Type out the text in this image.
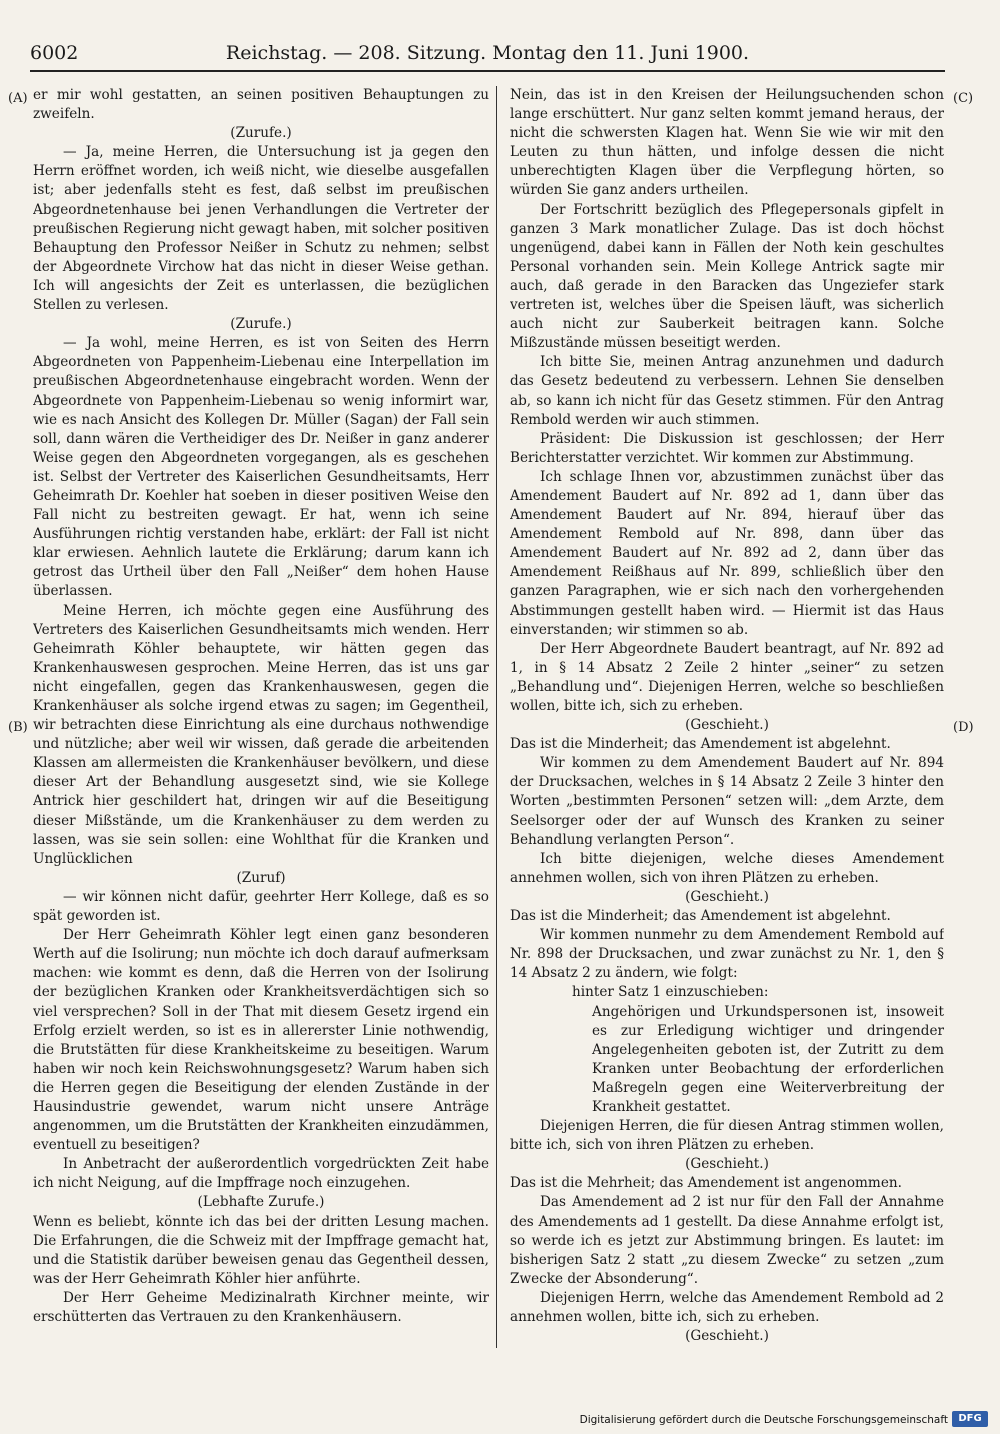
6002	Reichstag. — 208. Sitzung. Montag den 11. Juni 1900.
(A)
(B)
(C)
(D)

er mir wohl gestatten, an seinen positiven Behauptungen zu zweifeln.

(Zurufe.)

— Ja, meine Herren, die Untersuchung ist ja gegen den Herrn eröffnet worden, ich weiß nicht, wie dieselbe ausgefallen ist; aber jedenfalls steht es fest, daß selbst im preußischen Abgeordnetenhause bei jenen Verhandlungen die Vertreter der preußischen Regierung nicht gewagt haben, mit solcher positiven Behauptung den Professor Neißer in Schutz zu nehmen; selbst der Abgeordnete Virchow hat das nicht in dieser Weise gethan. Ich will angesichts der Zeit es unterlassen, die bezüglichen Stellen zu verlesen.

(Zurufe.)

— Ja wohl, meine Herren, es ist von Seiten des Herrn Abgeordneten von Pappenheim-Liebenau eine Interpellation im preußischen Abgeordnetenhause eingebracht worden. Wenn der Abgeordnete von Pappenheim-Liebenau so wenig informirt war, wie es nach Ansicht des Kollegen Dr. Müller (Sagan) der Fall sein soll, dann wären die Vertheidiger des Dr. Neißer in ganz anderer Weise gegen den Abgeordneten vorgegangen, als es geschehen ist. Selbst der Vertreter des Kaiserlichen Gesundheitsamts, Herr Geheimrath Dr. Koehler hat soeben in dieser positiven Weise den Fall nicht zu bestreiten gewagt. Er hat, wenn ich seine Ausführungen richtig verstanden habe, erklärt: der Fall ist nicht klar erwiesen. Aehnlich lautete die Erklärung; darum kann ich getrost das Urtheil über den Fall „Neißer“ dem hohen Hause überlassen.

Meine Herren, ich möchte gegen eine Ausführung des Vertreters des Kaiserlichen Gesundheitsamts mich wenden. Herr Geheimrath Köhler behauptete, wir hätten gegen das Krankenhauswesen gesprochen. Meine Herren, das ist uns gar nicht eingefallen, gegen das Krankenhauswesen, gegen die Krankenhäuser als solche irgend etwas zu sagen; im Gegentheil, wir betrachten diese Einrichtung als eine durchaus nothwendige und nützliche; aber weil wir wissen, daß gerade die arbeitenden Klassen am allermeisten die Krankenhäuser bevölkern, und diese dieser Art der Behandlung ausgesetzt sind, wie sie Kollege Antrick hier geschildert hat, dringen wir auf die Beseitigung dieser Mißstände, um die Krankenhäuser zu dem werden zu lassen, was sie sein sollen: eine Wohlthat für die Kranken und Unglücklichen

(Zuruf)

— wir können nicht dafür, geehrter Herr Kollege, daß es so spät geworden ist.

Der Herr Geheimrath Köhler legt einen ganz besonderen Werth auf die Isolirung; nun möchte ich doch darauf aufmerksam machen: wie kommt es denn, daß die Herren von der Isolirung der bezüglichen Kranken oder Krankheitsverdächtigen sich so viel versprechen? Soll in der That mit diesem Gesetz irgend ein Erfolg erzielt werden, so ist es in allererster Linie nothwendig, die Brutstätten für diese Krankheitskeime zu beseitigen. Warum haben wir noch kein Reichswohnungsgesetz? Warum haben sich die Herren gegen die Beseitigung der elenden Zustände in der Hausindustrie gewendet, warum nicht unsere Anträge angenommen, um die Brutstätten der Krankheiten einzudämmen, eventuell zu beseitigen?

In Anbetracht der außerordentlich vorgedrückten Zeit habe ich nicht Neigung, auf die Impffrage noch einzugehen.

(Lebhafte Zurufe.)

Wenn es beliebt, könnte ich das bei der dritten Lesung machen. Die Erfahrungen, die die Schweiz mit der Impffrage gemacht hat, und die Statistik darüber beweisen genau das Gegentheil dessen, was der Herr Geheimrath Köhler hier anführte.

Der Herr Geheime Medizinalrath Kirchner meinte, wir erschütterten das Vertrauen zu den Krankenhäusern.

Nein, das ist in den Kreisen der Heilungsuchenden schon lange erschüttert. Nur ganz selten kommt jemand heraus, der nicht die schwersten Klagen hat. Wenn Sie wie wir mit den Leuten zu thun hätten, und infolge dessen die nicht unberechtigten Klagen über die Verpflegung hörten, so würden Sie ganz anders urtheilen.

Der Fortschritt bezüglich des Pflegepersonals gipfelt in ganzen 3 Mark monatlicher Zulage. Das ist doch höchst ungenügend, dabei kann in Fällen der Noth kein geschultes Personal vorhanden sein. Mein Kollege Antrick sagte mir auch, daß gerade in den Baracken das Ungeziefer stark vertreten ist, welches über die Speisen läuft, was sicherlich auch nicht zur Sauberkeit beitragen kann. Solche Mißzustände müssen beseitigt werden.

Ich bitte Sie, meinen Antrag anzunehmen und dadurch das Gesetz bedeutend zu verbessern. Lehnen Sie denselben ab, so kann ich nicht für das Gesetz stimmen. Für den Antrag Rembold werden wir auch stimmen.

Präsident: Die Diskussion ist geschlossen; der Herr Berichterstatter verzichtet. Wir kommen zur Abstimmung.

Ich schlage Ihnen vor, abzustimmen zunächst über das Amendement Baudert auf Nr. 892 ad 1, dann über das Amendement Baudert auf Nr. 894, hierauf über das Amendement Rembold auf Nr. 898, dann über das Amendement Baudert auf Nr. 892 ad 2, dann über das Amendement Reißhaus auf Nr. 899, schließlich über den ganzen Paragraphen, wie er sich nach den vorhergehenden Abstimmungen gestellt haben wird. — Hiermit ist das Haus einverstanden; wir stimmen so ab.

Der Herr Abgeordnete Baudert beantragt, auf Nr. 892 ad 1, in § 14 Absatz 2 Zeile 2 hinter „seiner“ zu setzen „Behandlung und“. Diejenigen Herren, welche so beschließen wollen, bitte ich, sich zu erheben.

(Geschieht.)

Das ist die Minderheit; das Amendement ist abgelehnt.

Wir kommen zu dem Amendement Baudert auf Nr. 894 der Drucksachen, welches in § 14 Absatz 2 Zeile 3 hinter den Worten „bestimmten Personen“ setzen will: „dem Arzte, dem Seelsorger oder der auf Wunsch des Kranken zu seiner Behandlung verlangten Person“.

Ich bitte diejenigen, welche dieses Amendement annehmen wollen, sich von ihren Plätzen zu erheben.

(Geschieht.)

Das ist die Minderheit; das Amendement ist abgelehnt.

Wir kommen nunmehr zu dem Amendement Rembold auf Nr. 898 der Drucksachen, und zwar zunächst zu Nr. 1, den § 14 Absatz 2 zu ändern, wie folgt:

hinter Satz 1 einzuschieben:

Angehörigen und Urkundspersonen ist, insoweit es zur Erledigung wichtiger und dringender Angelegenheiten geboten ist, der Zutritt zu dem Kranken unter Beobachtung der erforderlichen Maßregeln gegen eine Weiterverbreitung der Krankheit gestattet.

Diejenigen Herren, die für diesen Antrag stimmen wollen, bitte ich, sich von ihren Plätzen zu erheben.

(Geschieht.)

Das ist die Mehrheit; das Amendement ist angenommen.

Das Amendement ad 2 ist nur für den Fall der Annahme des Amendements ad 1 gestellt. Da diese Annahme erfolgt ist, so werde ich es jetzt zur Abstimmung bringen. Es lautet: im bisherigen Satz 2 statt „zu diesem Zwecke“ zu setzen „zum Zwecke der Absonderung“.

Diejenigen Herrn, welche das Amendement Rembold ad 2 annehmen wollen, bitte ich, sich zu erheben.

(Geschieht.)

Digitalisierung gefördert durch die Deutsche Forschungsgemeinschaft	DFG
